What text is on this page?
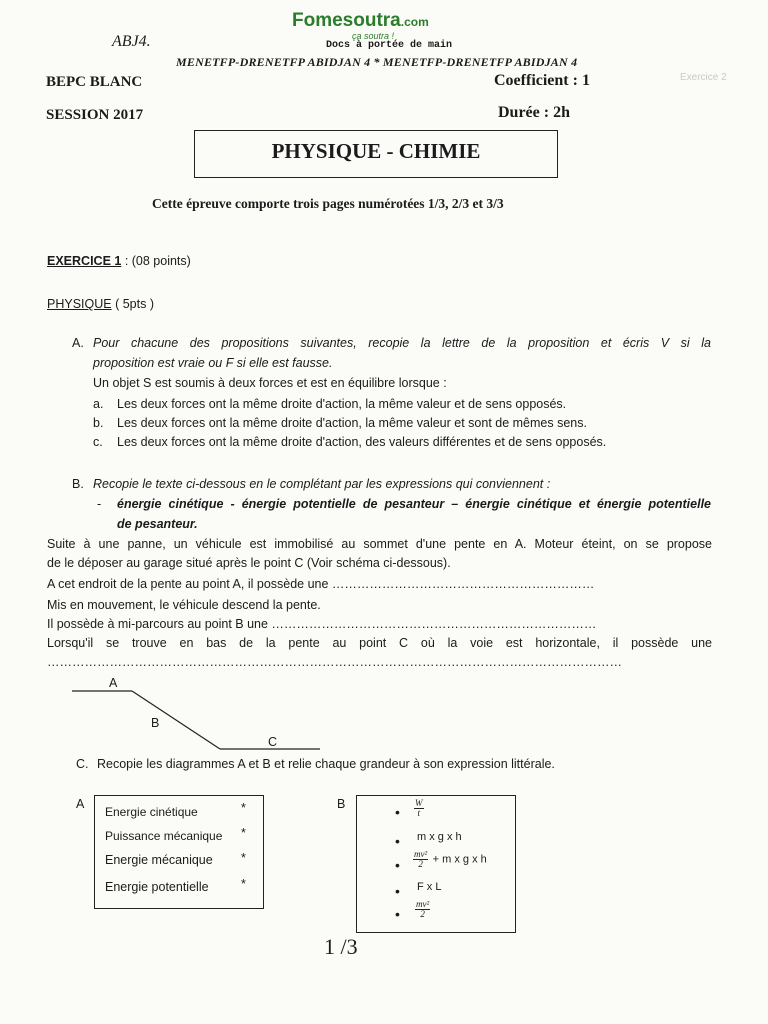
ABJ4.
Fomesoutra.com
ça soutra !
Docs à portée de main
MENETFP-DRENETFP ABIDJAN 4 * MENETFP-DRENETFP ABIDJAN 4
BEPC BLANC	Coefficient : 1
SESSION 2017	Durée : 2h
PHYSIQUE - CHIMIE
Cette épreuve comporte trois pages numérotées 1/3, 2/3 et 3/3
Exercice 2
EXERCICE 1 : (08 points)
PHYSIQUE ( 5pts )
A. Pour chacune des propositions suivantes, recopie la lettre de la proposition et écris V si la
proposition est vraie ou F si elle est fausse.
Un objet S est soumis à deux forces et est en équilibre lorsque :
a. Les deux forces ont la même droite d'action, la même valeur et de sens opposés.
b. Les deux forces ont la même droite d'action, la même valeur et sont de mêmes sens.
c. Les deux forces ont la même droite d'action, des valeurs différentes et de sens opposés.
B. Recopie le texte ci-dessous en le complétant par les expressions qui conviennent :
- énergie cinétique - énergie potentielle de pesanteur – énergie cinétique et énergie potentielle
de pesanteur.
Suite à une panne, un véhicule est immobilisé au sommet d'une pente en A. Moteur éteint, on se propose
de le déposer au garage situé après le point C (Voir schéma ci-dessous).
A cet endroit de la pente au point A, il possède une ………………………………………………………
Mis en mouvement, le véhicule descend la pente.
Il possède à mi-parcours au point B une ……………………………………………………………………
Lorsqu'il se trouve en bas de la pente au point C où la voie est horizontale, il possède une
…………………………………………………………………………………………………………………………
A
B
C
C. Recopie les diagrammes A et B et relie chaque grandeur à son expression littérale.
A	B
Energie cinétique	*
Puissance mécanique *
Energie mécanique *
Energie potentielle	*
• $\frac{W}{t}$
• m x g x h
• $\frac{\text{mv²}}{2} + m$ x g x h
• F x L
• $\frac{\text{mv²}}{2}$
1 /3
